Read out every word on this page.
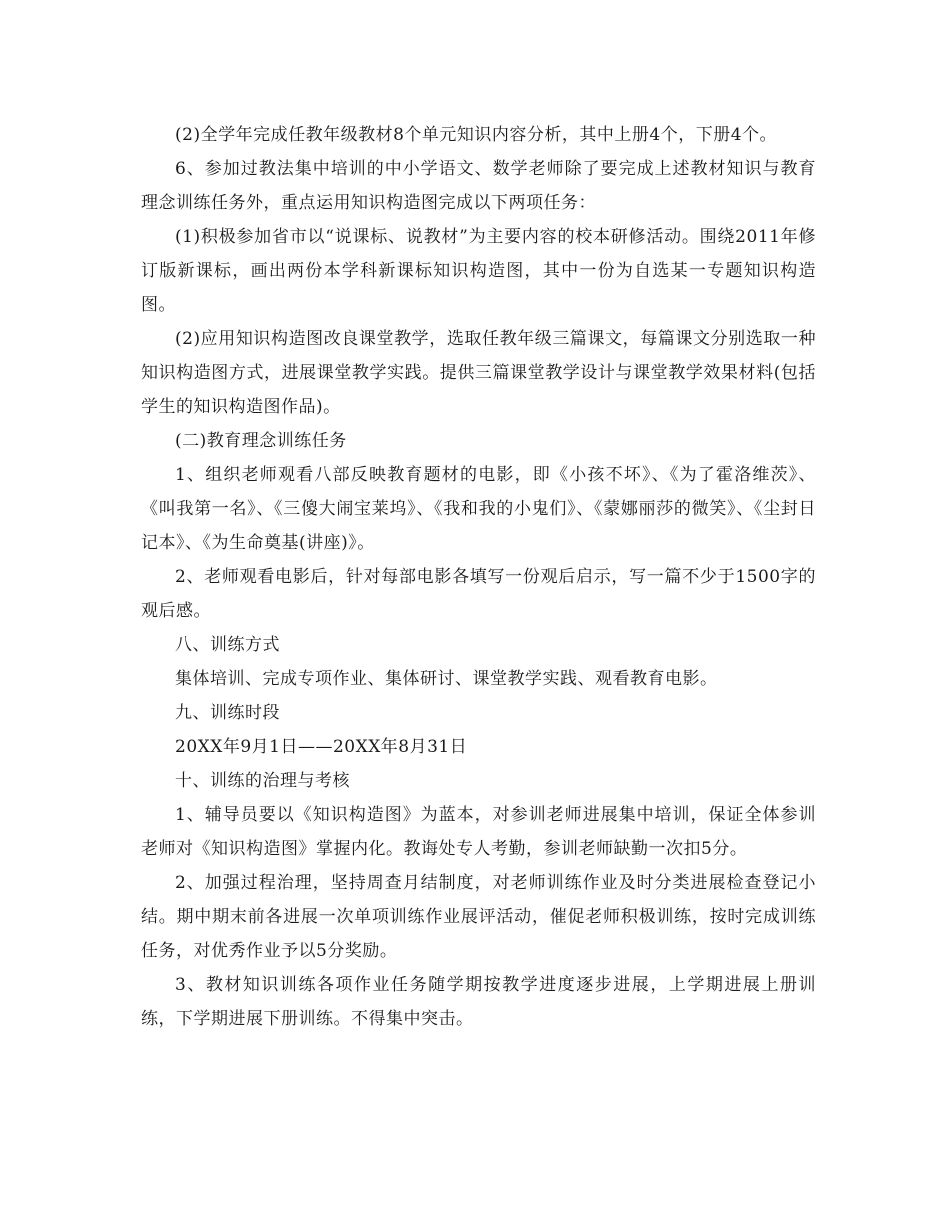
(2)全学年完成任教年级教材8个单元知识内容分析，其中上册4个，下册4个。

6、参加过教法集中培训的中小学语文、数学老师除了要完成上述教材知识与教育理念训练任务外，重点运用知识构造图完成以下两项任务：

(1)积极参加省市以“说课标、说教材”为主要内容的校本研修活动。围绕2011年修订版新课标，画出两份本学科新课标知识构造图，其中一份为自选某一专题知识构造图。

(2)应用知识构造图改良课堂教学，选取任教年级三篇课文，每篇课文分别选取一种知识构造图方式，进展课堂教学实践。提供三篇课堂教学设计与课堂教学效果材料(包括学生的知识构造图作品)。

(二)教育理念训练任务

1、组织老师观看八部反映教育题材的电影，即《小孩不坏》、《为了霍洛维茨》、《叫我第一名》、《三傻大闹宝莱坞》、《我和我的小鬼们》、《蒙娜丽莎的微笑》、《尘封日记本》、《为生命奠基(讲座)》。

2、老师观看电影后，针对每部电影各填写一份观后启示，写一篇不少于1500字的观后感。

八、训练方式

集体培训、完成专项作业、集体研讨、课堂教学实践、观看教育电影。

九、训练时段

20XX年9月1日——20XX年8月31日

十、训练的治理与考核

1、辅导员要以《知识构造图》为蓝本，对参训老师进展集中培训，保证全体参训老师对《知识构造图》掌握内化。教诲处专人考勤，参训老师缺勤一次扣5分。

2、加强过程治理，坚持周查月结制度，对老师训练作业及时分类进展检查登记小结。期中期末前各进展一次单项训练作业展评活动，催促老师积极训练，按时完成训练任务，对优秀作业予以5分奖励。

3、教材知识训练各项作业任务随学期按教学进度逐步进展，上学期进展上册训练，下学期进展下册训练。不得集中突击。
